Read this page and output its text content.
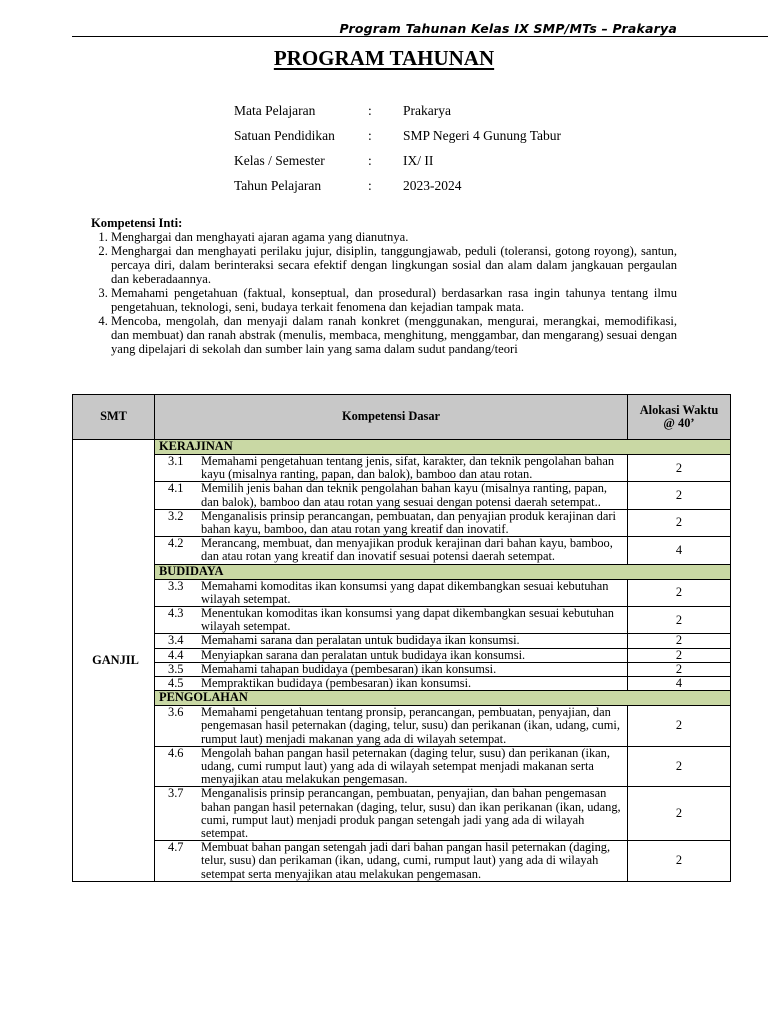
Program Tahunan Kelas IX SMP/MTs – Prakarya
PROGRAM TAHUNAN
Mata Pelajaran	:	Prakarya
Satuan Pendidikan	:	SMP Negeri 4 Gunung Tabur
Kelas / Semester	:	IX/ II
Tahun Pelajaran	:	2023-2024
Kompetensi Inti:
1. Menghargai dan menghayati ajaran agama yang dianutnya.
2. Menghargai dan menghayati perilaku jujur, disiplin, tanggungjawab, peduli (toleransi, gotong royong), santun, percaya diri, dalam berinteraksi secara efektif dengan lingkungan sosial dan alam dalam jangkauan pergaulan dan keberadaannya.
3. Memahami pengetahuan (faktual, konseptual, dan prosedural) berdasarkan rasa ingin tahunya tentang ilmu pengetahuan, teknologi, seni, budaya terkait fenomena dan kejadian tampak mata.
4. Mencoba, mengolah, dan menyaji dalam ranah konkret (menggunakan, mengurai, merangkai, memodifikasi, dan membuat) dan ranah abstrak (menulis, membaca, menghitung, menggambar, dan mengarang) sesuai dengan yang dipelajari di sekolah dan sumber lain yang sama dalam sudut pandang/teori
SMT	Kompetensi Dasar	Alokasi Waktu @ 40’
GANJIL	KERAJINAN	

	3.1 Memahami pengetahuan tentang jenis, sifat, karakter, dan teknik pengolahan bahan kayu (misalnya ranting, papan, dan balok), bamboo dan atau rotan.	2

	4.1 Memilih jenis bahan dan teknik pengolahan bahan kayu (misalnya ranting, papan, dan balok), bamboo dan atau rotan yang sesuai dengan potensi daerah setempat..	2

	3.2 Menganalisis prinsip perancangan, pembuatan, dan penyajian produk kerajinan dari bahan kayu, bamboo, dan atau rotan yang kreatif dan inovatif.	2

	4.2 Merancang, membuat, dan menyajikan produk kerajinan dari bahan kayu, bamboo, dan atau rotan yang kreatif dan inovatif sesuai potensi daerah setempat.	4
	BUDIDAYA	

	3.3 Memahami komoditas ikan konsumsi yang dapat dikembangkan sesuai kebutuhan wilayah setempat.	2

	4.3 Menentukan komoditas ikan konsumsi yang dapat dikembangkan sesuai kebutuhan wilayah setempat.	2

	3.4 Memahami sarana dan peralatan untuk budidaya ikan konsumsi.	2

	4.4 Menyiapkan sarana dan peralatan untuk budidaya ikan konsumsi.	2

	3.5 Memahami tahapan budidaya (pembesaran) ikan konsumsi.	2

	4.5 Mempraktikan budidaya (pembesaran) ikan konsumsi.	4
	PENGOLAHAN	

	3.6 Memahami pengetahuan tentang pronsip, perancangan, pembuatan, penyajian, dan pengemasan hasil peternakan (daging, telur, susu) dan perikanan (ikan, udang, cumi, rumput laut) menjadi makanan yang ada di wilayah setempat.	2

	4.6 Mengolah bahan pangan hasil peternakan (daging telur, susu) dan perikanan (ikan, udang, cumi rumput laut) yang ada di wilayah setempat menjadi makanan serta menyajikan atau melakukan pengemasan.	2

	3.7 Menganalisis prinsip perancangan, pembuatan, penyajian, dan bahan pengemasan bahan pangan hasil peternakan (daging, telur, susu) dan ikan perikanan (ikan, udang, cumi, rumput laut) menjadi produk pangan setengah jadi yang ada di wilayah setempat.	2

	4.7 Membuat bahan pangan setengah jadi dari bahan pangan hasil peternakan (daging, telur, susu) dan perikaman (ikan, udang, cumi, rumput laut) yang ada di wilayah setempat serta menyajikan atau melakukan pengemasan.	2
